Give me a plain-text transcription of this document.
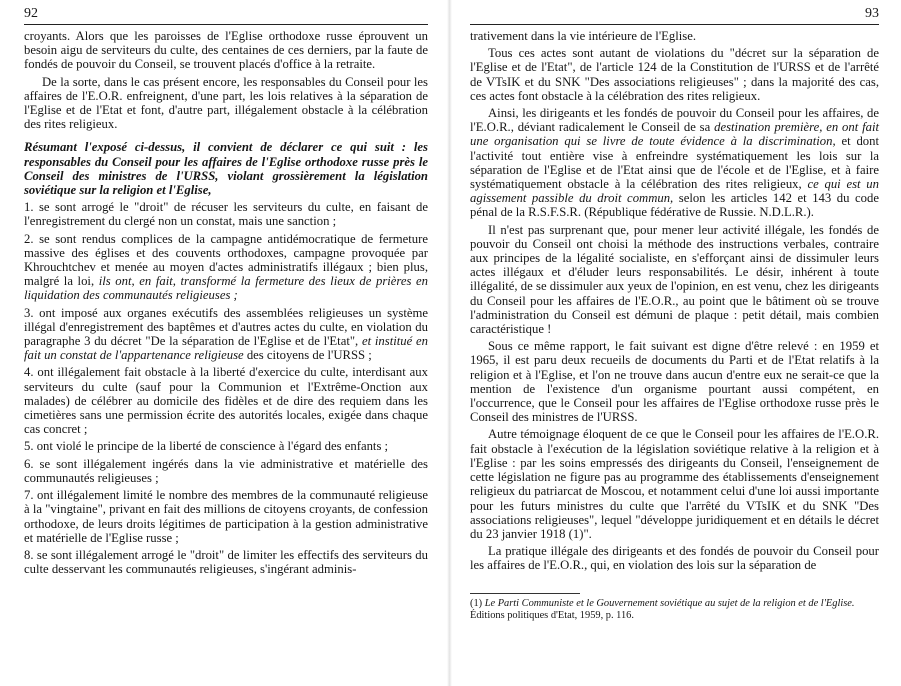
92

croyants. Alors que les paroisses de l'Eglise orthodoxe russe éprouvent un besoin aigu de serviteurs du culte, des centaines de ces derniers, par la faute de fondés de pouvoir du Conseil, se trouvent placés d'office à la retraite.

De la sorte, dans le cas présent encore, les responsables du Conseil pour les affaires de l'E.O.R. enfreignent, d'une part, les lois relatives à la séparation de l'Eglise et de l'Etat et font, d'autre part, illégalement obstacle à la célébration des rites religieux.

Résumant l'exposé ci-dessus, il convient de déclarer ce qui suit : les responsables du Conseil pour les affaires de l'Eglise orthodoxe russe près le Conseil des ministres de l'URSS, violant grossièrement la législation soviétique sur la religion et l'Eglise,

1. se sont arrogé le "droit" de récuser les serviteurs du culte, en faisant de l'enregistrement du clergé non un constat, mais une sanction ;

2. se sont rendus complices de la campagne antidémocratique de fermeture massive des églises et des couvents orthodoxes, campagne provoquée par Khrouchtchev et menée au moyen d'actes administratifs illégaux ; bien plus, malgré la loi, ils ont, en fait, transformé la fermeture des lieux de prières en liquidation des communautés religieuses ;

3. ont imposé aux organes exécutifs des assemblées religieuses un système illégal d'enregistrement des baptêmes et d'autres actes du culte, en violation du paragraphe 3 du décret "De la séparation de l'Eglise et de l'Etat", et institué en fait un constat de l'appartenance religieuse des citoyens de l'URSS ;

4. ont illégalement fait obstacle à la liberté d'exercice du culte, interdisant aux serviteurs du culte (sauf pour la Communion et l'Extrême-Onction aux malades) de célébrer au domicile des fidèles et de dire des requiem dans les cimetières sans une permission écrite des autorités locales, exigée dans chaque cas concret ;

5. ont violé le principe de la liberté de conscience à l'égard des enfants ;

6. se sont illégalement ingérés dans la vie administrative et matérielle des communautés religieuses ;

7. ont illégalement limité le nombre des membres de la communauté religieuse à la "vingtaine", privant en fait des millions de citoyens croyants, de confession orthodoxe, de leurs droits légitimes de participation à la gestion administrative et matérielle de l'Eglise russe ;

8. se sont illégalement arrogé le "droit" de limiter les effectifs des serviteurs du culte desservant les communautés religieuses, s'ingérant adminis-

93

trativement dans la vie intérieure de l'Eglise.

Tous ces actes sont autant de violations du "décret sur la séparation de l'Eglise et de l'Etat", de l'article 124 de la Constitution de l'URSS et de l'arrêté de VTsIK et du SNK "Des associations religieuses" ; dans la majorité des cas, ces actes font obstacle à la célébration des rites religieux.

Ainsi, les dirigeants et les fondés de pouvoir du Conseil pour les affaires, de l'E.O.R., déviant radicalement le Conseil de sa destination première, en ont fait une organisation qui se livre de toute évidence à la discrimination, et dont l'activité tout entière vise à enfreindre systématiquement les lois sur la séparation de l'Eglise et de l'Etat ainsi que de l'école et de l'Eglise, et à faire systématiquement obstacle à la célébration des rites religieux, ce qui est un agissement passible du droit commun, selon les articles 142 et 143 du code pénal de la R.S.F.S.R. (République fédérative de Russie. N.D.L.R.).

Il n'est pas surprenant que, pour mener leur activité illégale, les fondés de pouvoir du Conseil ont choisi la méthode des instructions verbales, contraire aux principes de la légalité socialiste, en s'efforçant ainsi de dissimuler leurs actes illégaux et d'éluder leurs responsabilités. Le désir, inhérent à toute illégalité, de se dissimuler aux yeux de l'opinion, en est venu, chez les dirigeants du Conseil pour les affaires de l'E.O.R., au point que le bâtiment où se trouve l'administration du Conseil est démuni de plaque : petit détail, mais combien caractéristique !

Sous ce même rapport, le fait suivant est digne d'être relevé : en 1959 et 1965, il est paru deux recueils de documents du Parti et de l'Etat relatifs à la religion et à l'Eglise, et l'on ne trouve dans aucun d'entre eux ne serait-ce que la mention de l'existence d'un organisme pourtant aussi compétent, en l'occurrence, que le Conseil pour les affaires de l'Eglise orthodoxe russe près le Conseil des ministres de l'URSS.

Autre témoignage éloquent de ce que le Conseil pour les affaires de l'E.O.R. fait obstacle à l'exécution de la législation soviétique relative à la religion et à l'Eglise : par les soins empressés des dirigeants du Conseil, l'enseignement de cette législation ne figure pas au programme des établissements d'enseignement religieux du patriarcat de Moscou, et notamment celui d'une loi aussi importante pour les futurs ministres du culte que l'arrêté du VTsIK et du SNK "Des associations religieuses", lequel "développe juridiquement et en détails le décret du 23 janvier 1918 (1)".

La pratique illégale des dirigeants et des fondés de pouvoir du Conseil pour les affaires de l'E.O.R., qui, en violation des lois sur la séparation de

(1) Le Parti Communiste et le Gouvernement soviétique au sujet de la religion et de l'Eglise. Éditions politiques d'Etat, 1959, p. 116.
